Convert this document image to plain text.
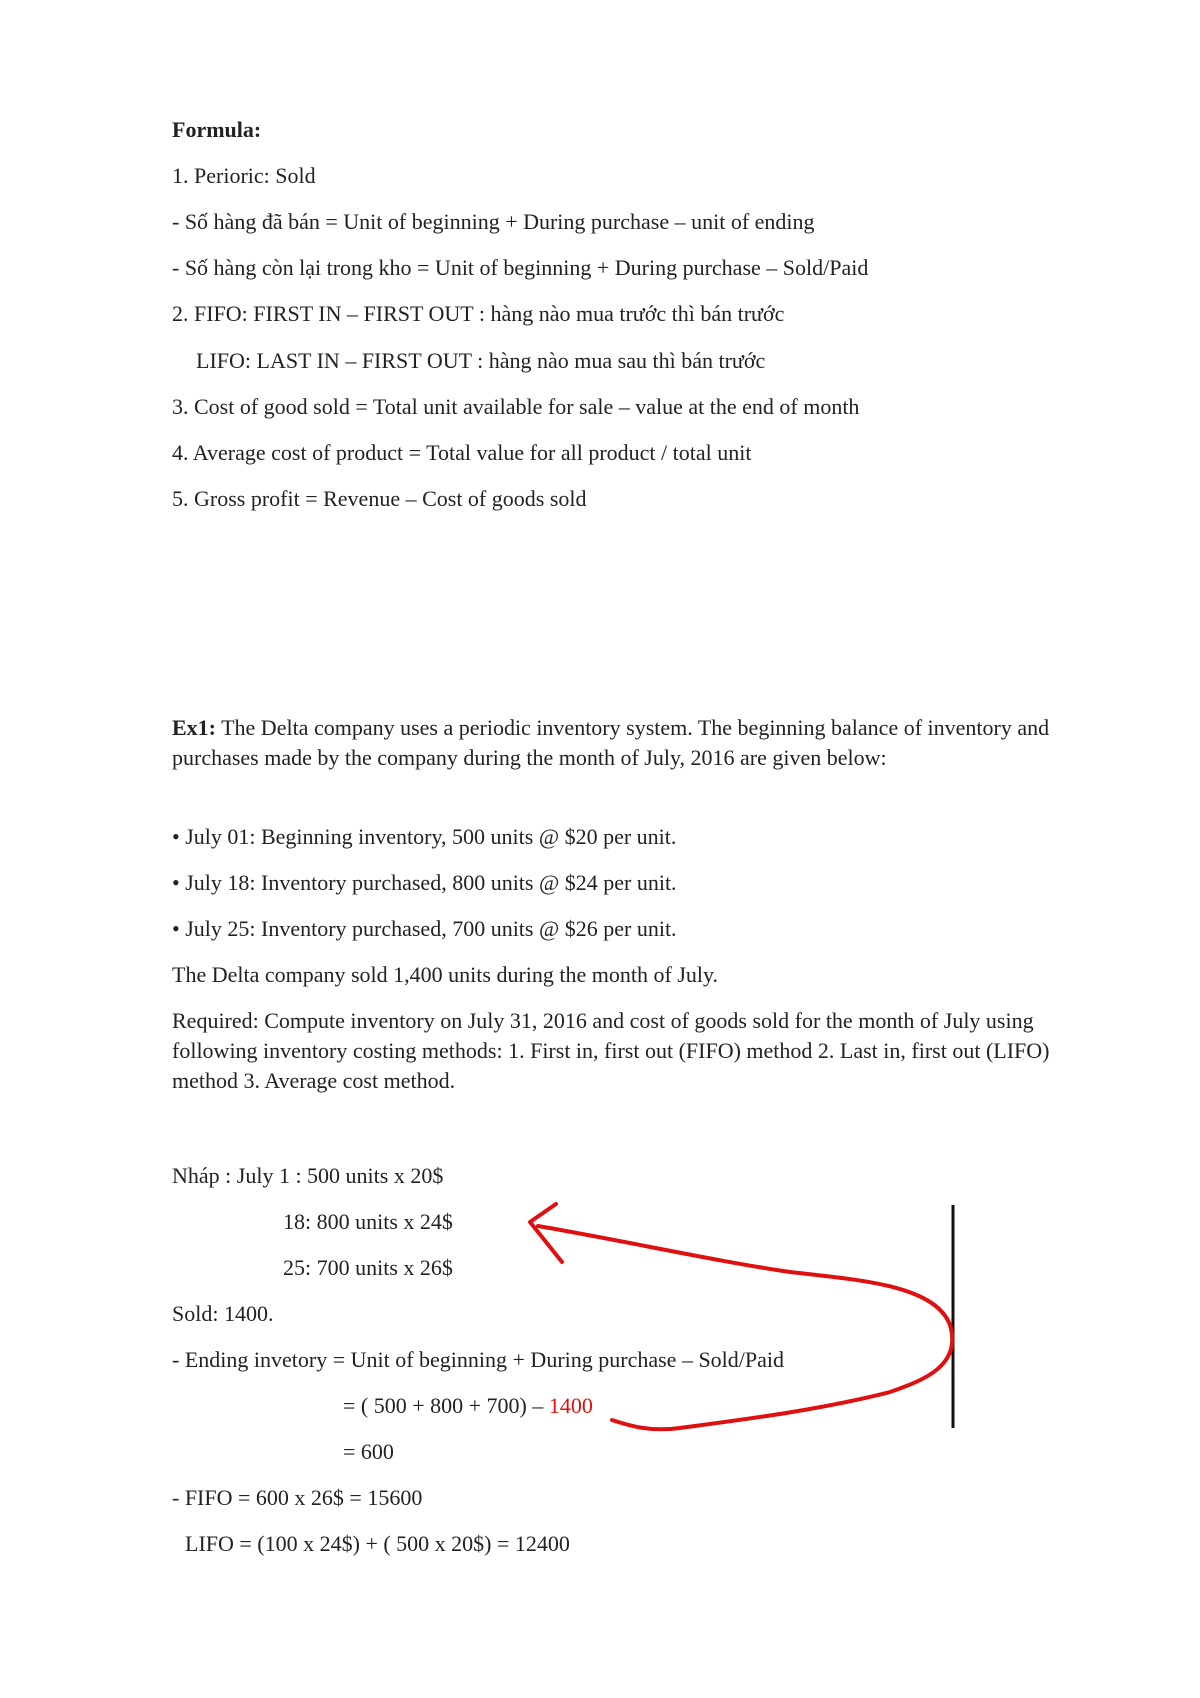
Formula:
1. Perioric: Sold
- Số hàng đã bán = Unit of beginning + During purchase – unit of ending
- Số hàng còn lại trong kho = Unit of beginning + During purchase – Sold/Paid
2. FIFO: FIRST IN – FIRST OUT : hàng nào mua trước thì bán trước
LIFO: LAST IN – FIRST OUT : hàng nào mua sau thì bán trước
3. Cost of good sold = Total unit available for sale – value at the end of month
4. Average cost of product = Total value for all product / total unit
5. Gross profit = Revenue – Cost of goods sold
Ex1: The Delta company uses a periodic inventory system. The beginning balance of inventory and purchases made by the company during the month of July, 2016 are given below:
• July 01: Beginning inventory, 500 units @ $20 per unit.
• July 18: Inventory purchased, 800 units @ $24 per unit.
• July 25: Inventory purchased, 700 units @ $26 per unit.
The Delta company sold 1,400 units during the month of July.
Required: Compute inventory on July 31, 2016 and cost of goods sold for the month of July using following inventory costing methods: 1. First in, first out (FIFO) method 2. Last in, first out (LIFO) method 3. Average cost method.
Nháp : July 1 : 500 units x 20$
18: 800 units x 24$
25: 700 units x 26$
Sold: 1400.
- Ending invetory = Unit of beginning + During purchase – Sold/Paid
= ( 500 + 800 + 700) – 1400
= 600
- FIFO = 600 x 26$ = 15600
LIFO = (100 x 24$) + ( 500 x 20$) = 12400
